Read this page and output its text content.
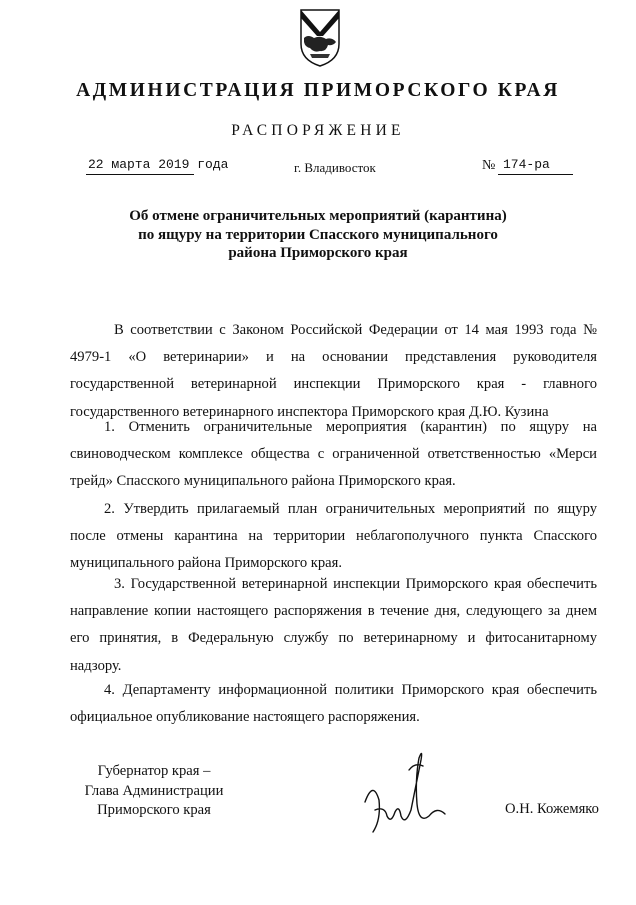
АДМИНИСТРАЦИЯ ПРИМОРСКОГО КРАЯ
РАСПОРЯЖЕНИЕ
22 марта 2019 года	г. Владивосток	№ 174-ра
Об отмене ограничительных мероприятий (карантина)
по ящуру на территории Спасского муниципального
района Приморского края

В соответствии с Законом Российской Федерации от 14 мая 1993 года № 4979-1 «О ветеринарии» и на основании представления руководителя государственной ветеринарной инспекции Приморского края - главного государственного ветеринарного инспектора Приморского края Д.Ю. Кузина

1. Отменить ограничительные мероприятия (карантин) по ящуру на свиноводческом комплексе общества с ограниченной ответственностью «Мерси трейд» Спасского муниципального района Приморского края.

2. Утвердить прилагаемый план ограничительных мероприятий по ящуру после отмены карантина на территории неблагополучного пункта Спасского муниципального района Приморского края.

3. Государственной ветеринарной инспекции Приморского края обеспечить направление копии настоящего распоряжения в течение дня, следующего за днем его принятия, в Федеральную службу по ветеринарному и фитосанитарному надзору.

4. Департаменту информационной политики Приморского края обеспечить официальное опубликование настоящего распоряжения.

Губернатор края –
Глава Администрации
Приморского края	О.Н. Кожемяко
